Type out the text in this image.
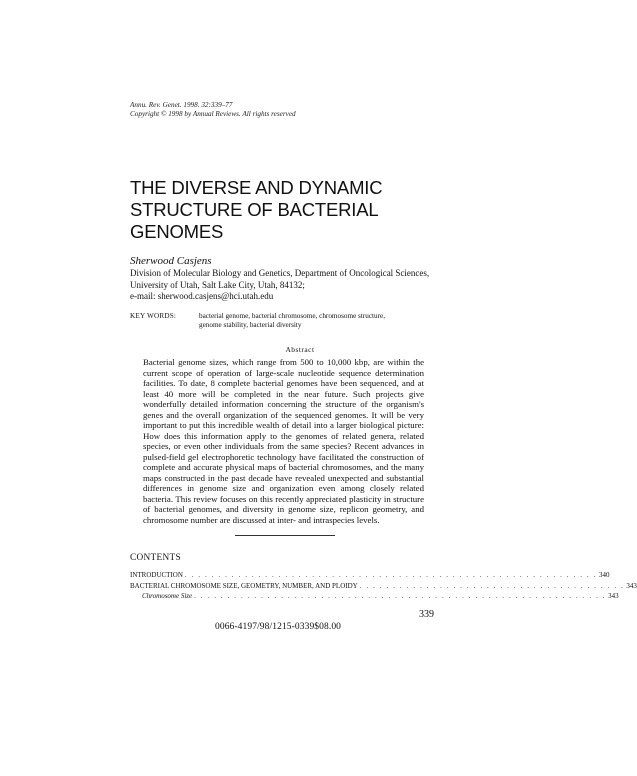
Annu. Rev. Genet. 1998. 32:339–77
Copyright © 1998 by Annual Reviews. All rights reserved
THE DIVERSE AND DYNAMIC
STRUCTURE OF BACTERIAL
GENOMES
Sherwood Casjens
Division of Molecular Biology and Genetics, Department of Oncological Sciences,
University of Utah, Salt Lake City, Utah, 84132;
e-mail: sherwood.casjens@hci.utah.edu
KEY WORDS:	bacterial genome, bacterial chromosome, chromosome structure,
genome stability, bacterial diversity
Abstract
Bacterial genome sizes, which range from 500 to 10,000 kbp, are within the current scope of operation of large-scale nucleotide sequence determination facilities. To date, 8 complete bacterial genomes have been sequenced, and at least 40 more will be completed in the near future. Such projects give wonderfully detailed information concerning the structure of the organism's genes and the overall organization of the sequenced genomes. It will be very important to put this incredible wealth of detail into a larger biological picture: How does this information apply to the genomes of related genera, related species, or even other individuals from the same species? Recent advances in pulsed-field gel electrophoretic technology have facilitated the construction of complete and accurate physical maps of bacterial chromosomes, and the many maps constructed in the past decade have revealed unexpected and substantial differences in genome size and organization even among closely related bacteria. This review focuses on this recently appreciated plasticity in structure of bacterial genomes, and diversity in genome size, replicon geometry, and chromosome number are discussed at inter- and intraspecies levels.
CONTENTS
INTRODUCTION . . . . . . . . . . . . . . . . . . . . . . . . . . . . . . . . . . . . . . . . . . . . . . . . . . . . . . . . . . . . . . 340
BACTERIAL CHROMOSOME SIZE, GEOMETRY, NUMBER, AND PLOIDY . . . . . . . . . . . . . . . . . . . . . . . . . . . . . . . . . . . . . . . . 343
Chromosome Size . . . . . . . . . . . . . . . . . . . . . . . . . . . . . . . . . . . . . . . . . . . . . . . . . . . . . . . . . . . . . . 343
339
0066-4197/98/1215-0339$08.00
